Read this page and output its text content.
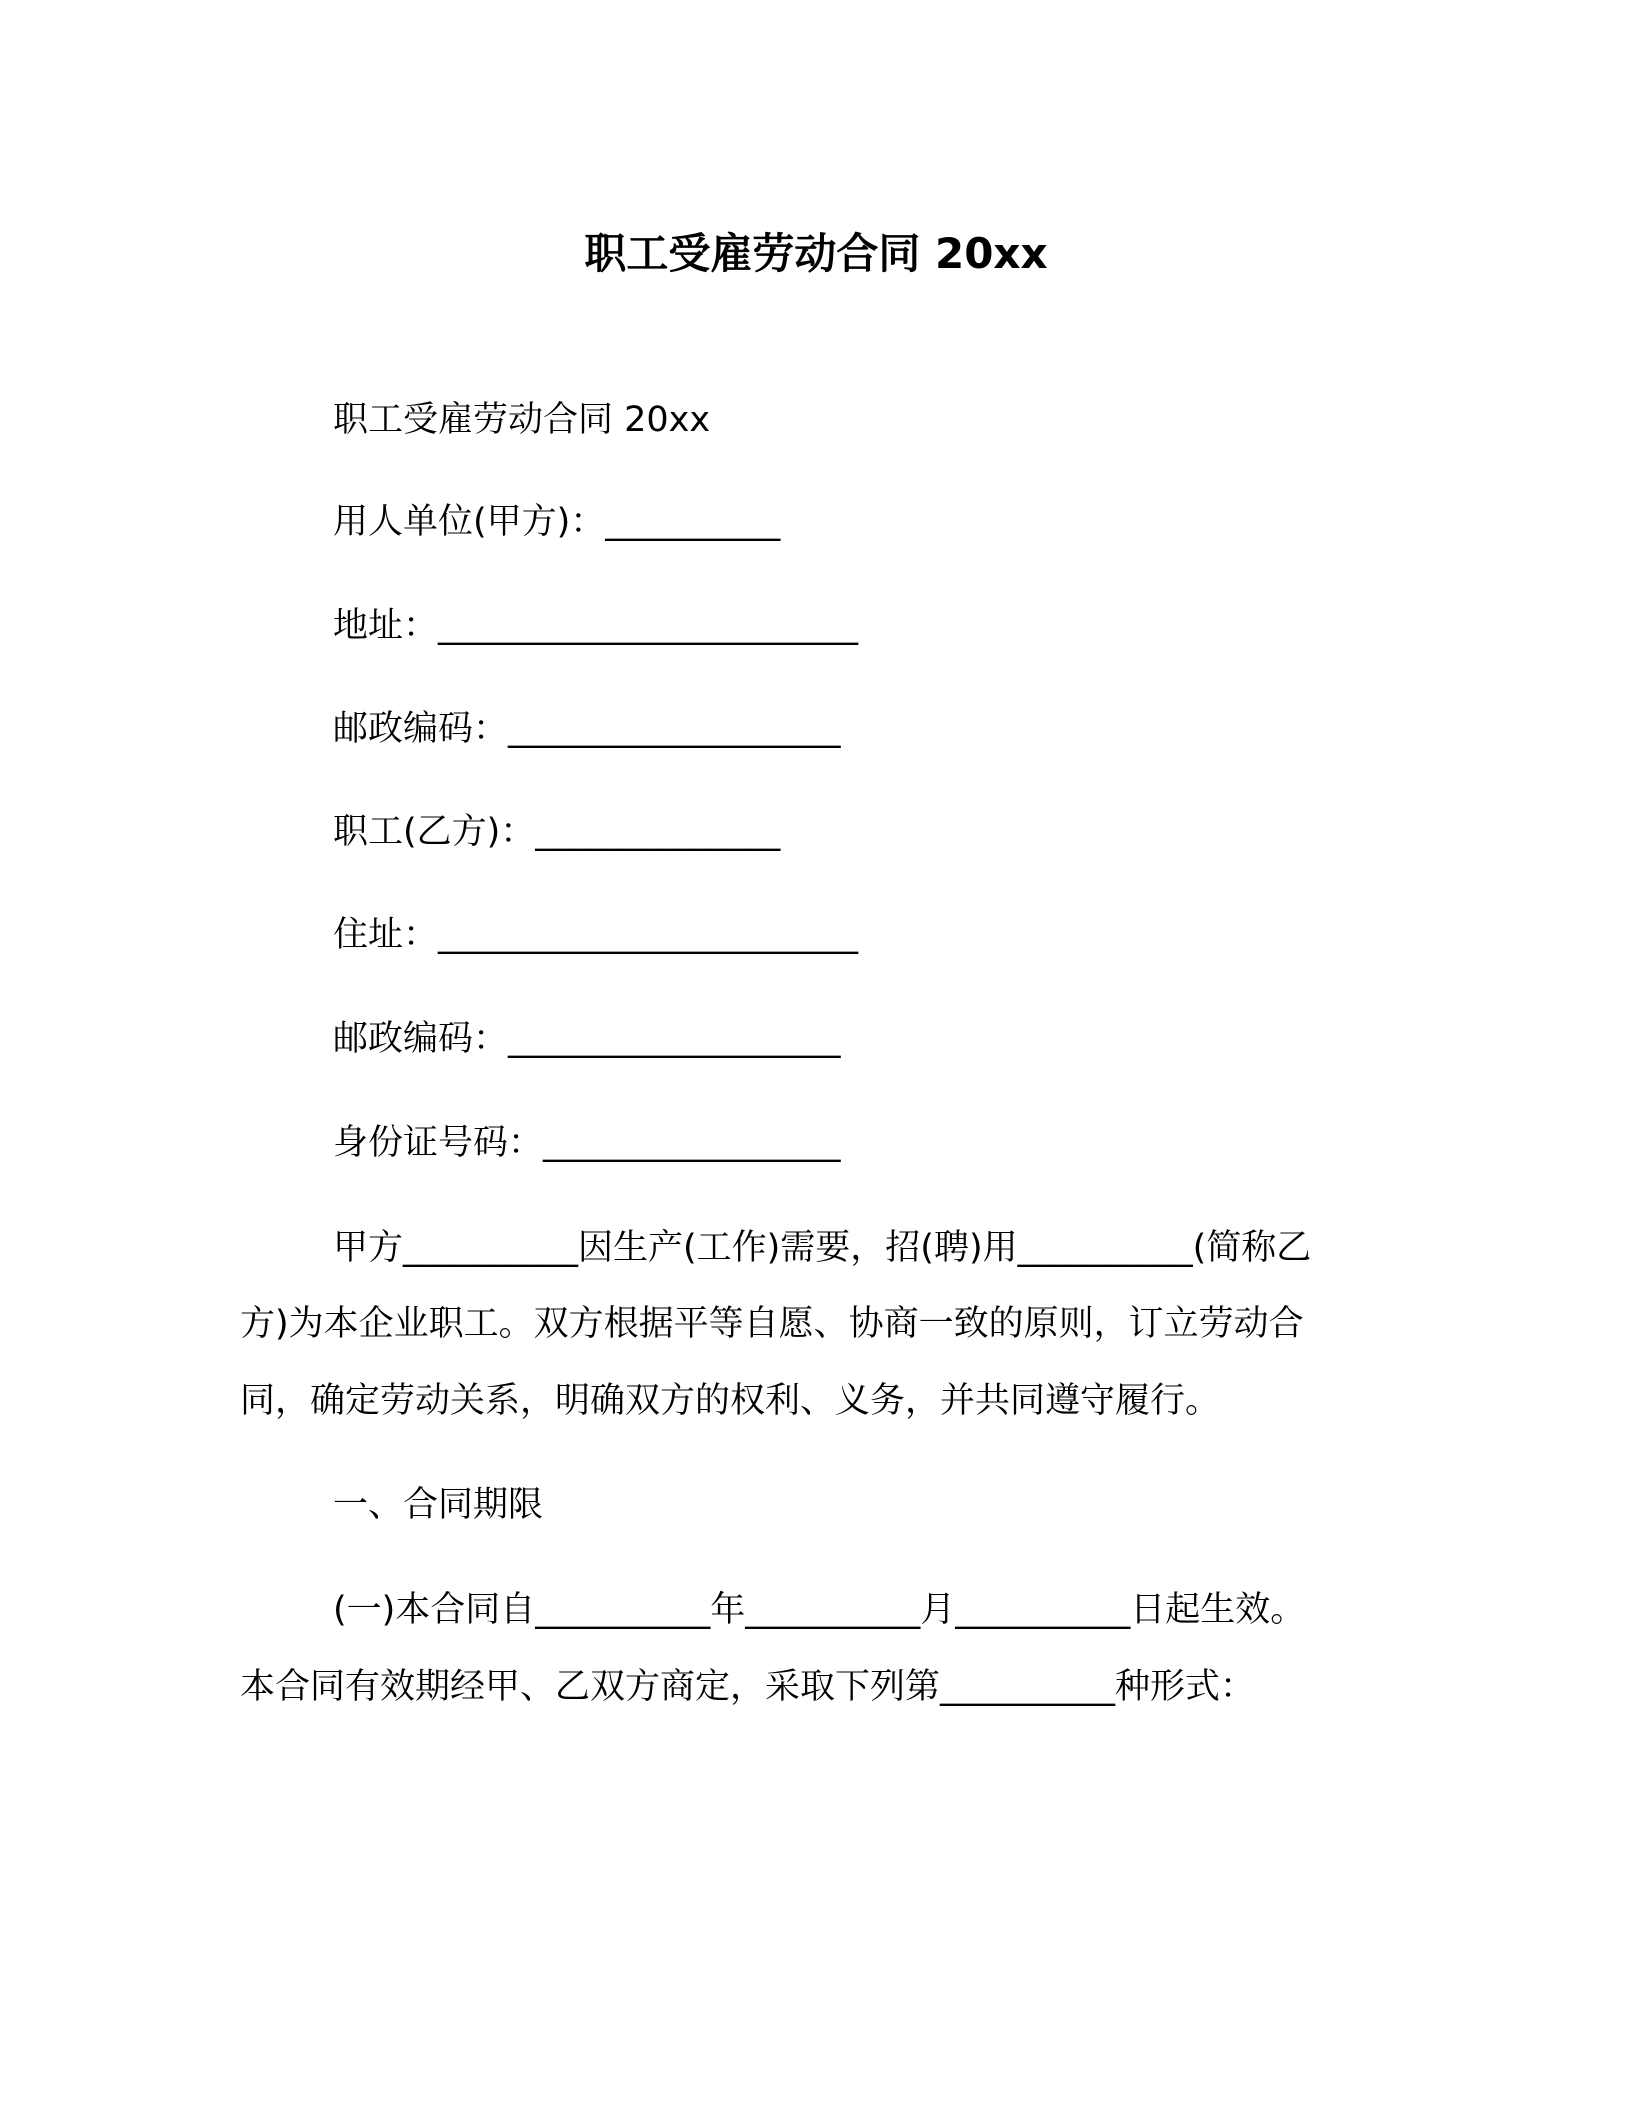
职工受雇劳动合同 20xx
职工受雇劳动合同 20xx
用人单位(甲方)：__________
地址：________________________
邮政编码：___________________
职工(乙方)：______________
住址：________________________
邮政编码：___________________
身份证号码：_________________
甲方__________因生产(工作)需要，招(聘)用__________(简称乙
方)为本企业职工。双方根据平等自愿、协商一致的原则，订立劳动合
同，确定劳动关系，明确双方的权利、义务，并共同遵守履行。
一、合同期限
(一)本合同自__________年__________月__________日起生效。
本合同有效期经甲、乙双方商定，采取下列第__________种形式：
